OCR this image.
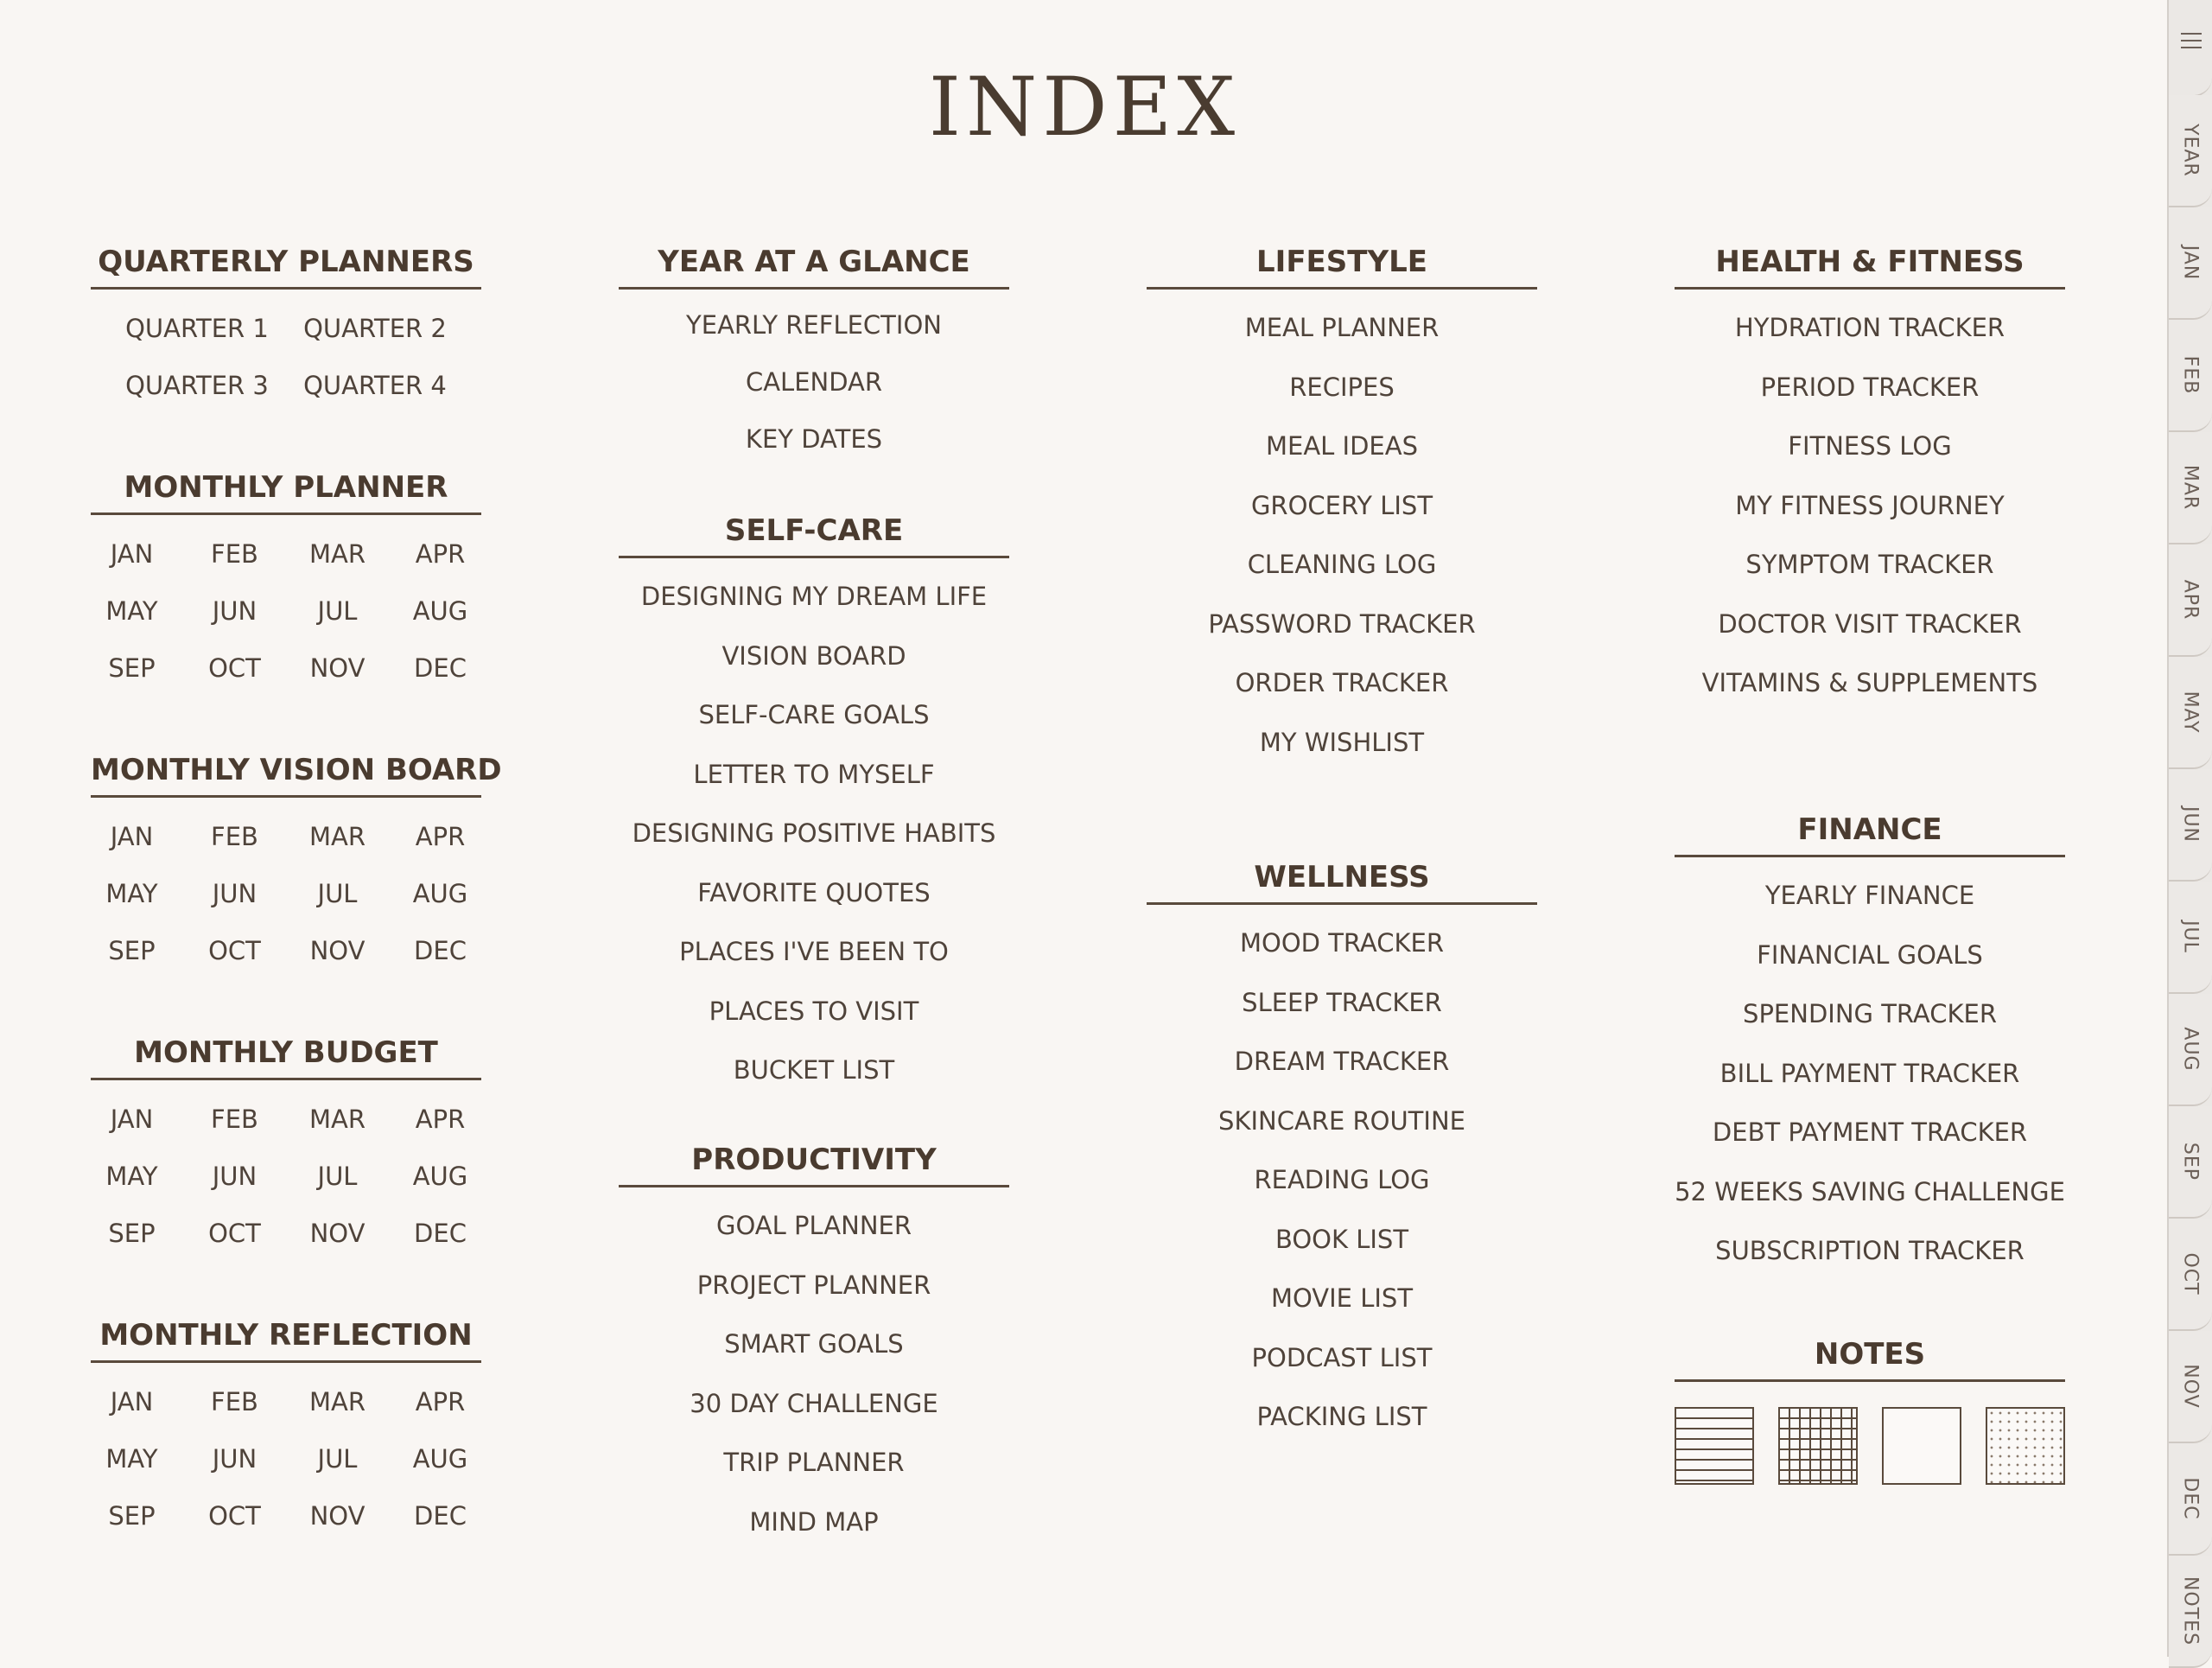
INDEX
QUARTERLY PLANNERS
QUARTER 1	QUARTER 2
QUARTER 3	QUARTER 4
MONTHLY PLANNER
JAN	FEB	MAR	APR
MAY	JUN	JUL	AUG
SEP	OCT	NOV	DEC
MONTHLY VISION BOARD
JAN	FEB	MAR	APR
MAY	JUN	JUL	AUG
SEP	OCT	NOV	DEC
MONTHLY BUDGET
JAN	FEB	MAR	APR
MAY	JUN	JUL	AUG
SEP	OCT	NOV	DEC
MONTHLY REFLECTION
JAN	FEB	MAR	APR
MAY	JUN	JUL	AUG
SEP	OCT	NOV	DEC
YEAR AT A GLANCE
YEARLY REFLECTION
CALENDAR
KEY DATES
SELF-CARE
DESIGNING MY DREAM LIFE
VISION BOARD
SELF-CARE GOALS
LETTER TO MYSELF
DESIGNING POSITIVE HABITS
FAVORITE QUOTES
PLACES I'VE BEEN TO
PLACES TO VISIT
BUCKET LIST
PRODUCTIVITY
GOAL PLANNER
PROJECT PLANNER
SMART GOALS
30 DAY CHALLENGE
TRIP PLANNER
MIND MAP
LIFESTYLE
MEAL PLANNER
RECIPES
MEAL IDEAS
GROCERY LIST
CLEANING LOG
PASSWORD TRACKER
ORDER TRACKER
MY WISHLIST
WELLNESS
MOOD TRACKER
SLEEP TRACKER
DREAM TRACKER
SKINCARE ROUTINE
READING LOG
BOOK LIST
MOVIE LIST
PODCAST LIST
PACKING LIST
HEALTH & FITNESS
HYDRATION TRACKER
PERIOD TRACKER
FITNESS LOG
MY FITNESS JOURNEY
SYMPTOM TRACKER
DOCTOR VISIT TRACKER
VITAMINS & SUPPLEMENTS
FINANCE
YEARLY FINANCE
FINANCIAL GOALS
SPENDING TRACKER
BILL PAYMENT TRACKER
DEBT PAYMENT TRACKER
52 WEEKS SAVING CHALLENGE
SUBSCRIPTION TRACKER
NOTES
YEAR
JAN
FEB
MAR
APR
MAY
JUN
JUL
AUG
SEP
OCT
NOV
DEC
NOTES
